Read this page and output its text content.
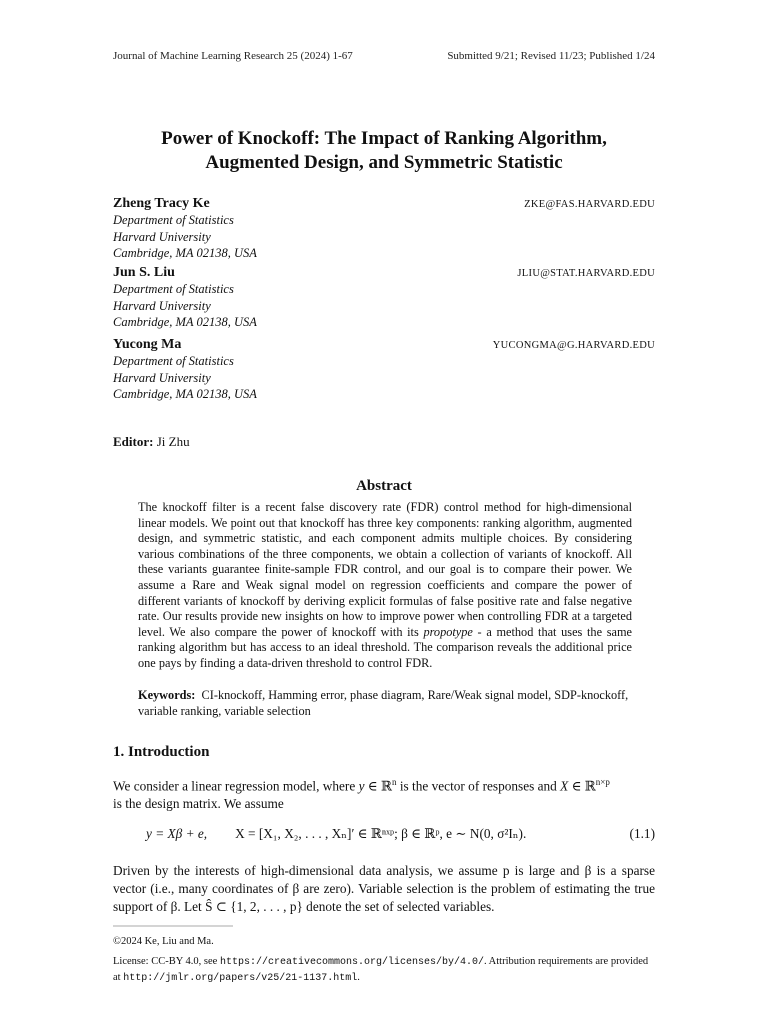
Journal of Machine Learning Research 25 (2024) 1-67	Submitted 9/21; Revised 11/23; Published 1/24
Power of Knockoff: The Impact of Ranking Algorithm,
Augmented Design, and Symmetric Statistic
Zheng Tracy Ke	ZKE@FAS.HARVARD.EDU
Department of Statistics
Harvard University
Cambridge, MA 02138, USA
Jun S. Liu	JLIU@STAT.HARVARD.EDU
Department of Statistics
Harvard University
Cambridge, MA 02138, USA
Yucong Ma	YUCONGMA@G.HARVARD.EDU
Department of Statistics
Harvard University
Cambridge, MA 02138, USA
Editor: Ji Zhu
Abstract
The knockoff filter is a recent false discovery rate (FDR) control method for high-dimensional linear models. We point out that knockoff has three key components: ranking algorithm, augmented design, and symmetric statistic, and each component admits multiple choices. By considering various combinations of the three components, we obtain a collection of variants of knockoff. All these variants guarantee finite-sample FDR control, and our goal is to compare their power. We assume a Rare and Weak signal model on regression coefficients and compare the power of different variants of knockoff by deriving explicit formulas of false positive rate and false negative rate. Our results provide new insights on how to improve power when controlling FDR at a targeted level. We also compare the power of knockoff with its propotype - a method that uses the same ranking algorithm but has access to an ideal threshold. The comparison reveals the additional price one pays by finding a data-driven threshold to control FDR.
Keywords: CI-knockoff, Hamming error, phase diagram, Rare/Weak signal model, SDP-knockoff, variable ranking, variable selection
1. Introduction
We consider a linear regression model, where y ∈ ℝ$^n$ is the vector of responses and X ∈ ℝ$^{n\times p}$
is the design matrix. We assume
y = Xβ + e, X = [X₁, X₂, . . . , Xₙ]′ ∈ ℝⁿˣᵖ; β ∈ ℝᵖ, e ∼ N(0, σ²Iₙ).	(1.1)
Driven by the interests of high-dimensional data analysis, we assume p is large and β is a sparse vector (i.e., many coordinates of β are zero). Variable selection is the problem of estimating the true support of β. Let Ŝ ⊂ {1, 2, . . . , p} denote the set of selected variables.
©2024 Ke, Liu and Ma.
License: CC-BY 4.0, see https://creativecommons.org/licenses/by/4.0/. Attribution requirements are provided at http://jmlr.org/papers/v25/21-1137.html.
